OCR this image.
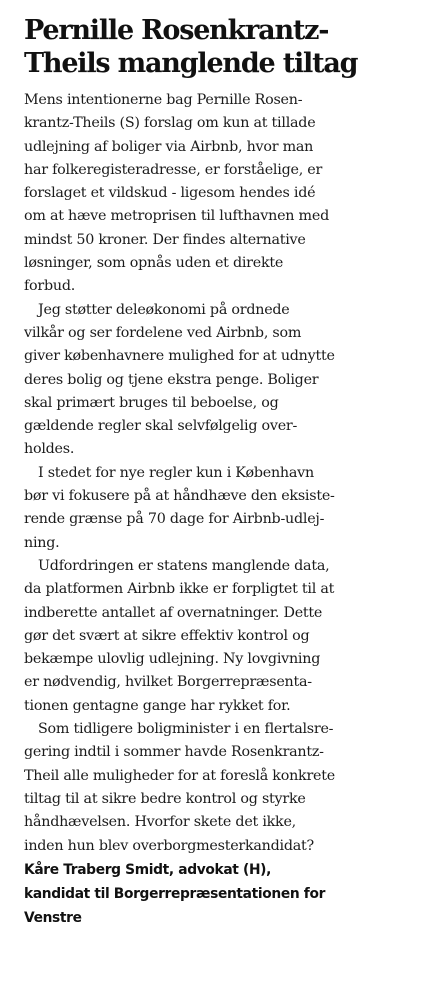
Pernille Rosenkrantz-
Theils manglende tiltag

Mens intentionerne bag Pernille Rosen-
krantz-Theils (S) forslag om kun at tillade
udlejning af boliger via Airbnb, hvor man
har folkeregisteradresse, er forståelige, er
forslaget et vildskud - ligesom hendes idé
om at hæve metroprisen til lufthavnen med
mindst 50 kroner. Der findes alternative
løsninger, som opnås uden et direkte
forbud.

Jeg støtter deleøkonomi på ordnede
vilkår og ser fordelene ved Airbnb, som
giver københavnere mulighed for at udnytte
deres bolig og tjene ekstra penge. Boliger
skal primært bruges til beboelse, og
gældende regler skal selvfølgelig over-
holdes.

I stedet for nye regler kun i København
bør vi fokusere på at håndhæve den eksiste-
rende grænse på 70 dage for Airbnb-udlej-
ning.

Udfordringen er statens manglende data,
da platformen Airbnb ikke er forpligtet til at
indberette antallet af overnatninger. Dette
gør det svært at sikre effektiv kontrol og
bekæmpe ulovlig udlejning. Ny lovgivning
er nødvendig, hvilket Borgerrepræsenta-
tionen gentagne gange har rykket for.

Som tidligere boligminister i en flertalsre-
gering indtil i sommer havde Rosenkrantz-
Theil alle muligheder for at foreslå konkrete
tiltag til at sikre bedre kontrol og styrke
håndhævelsen. Hvorfor skete det ikke,
inden hun blev overborgmesterkandidat?

Kåre Traberg Smidt, advokat (H),
kandidat til Borgerrepræsentationen for
Venstre
